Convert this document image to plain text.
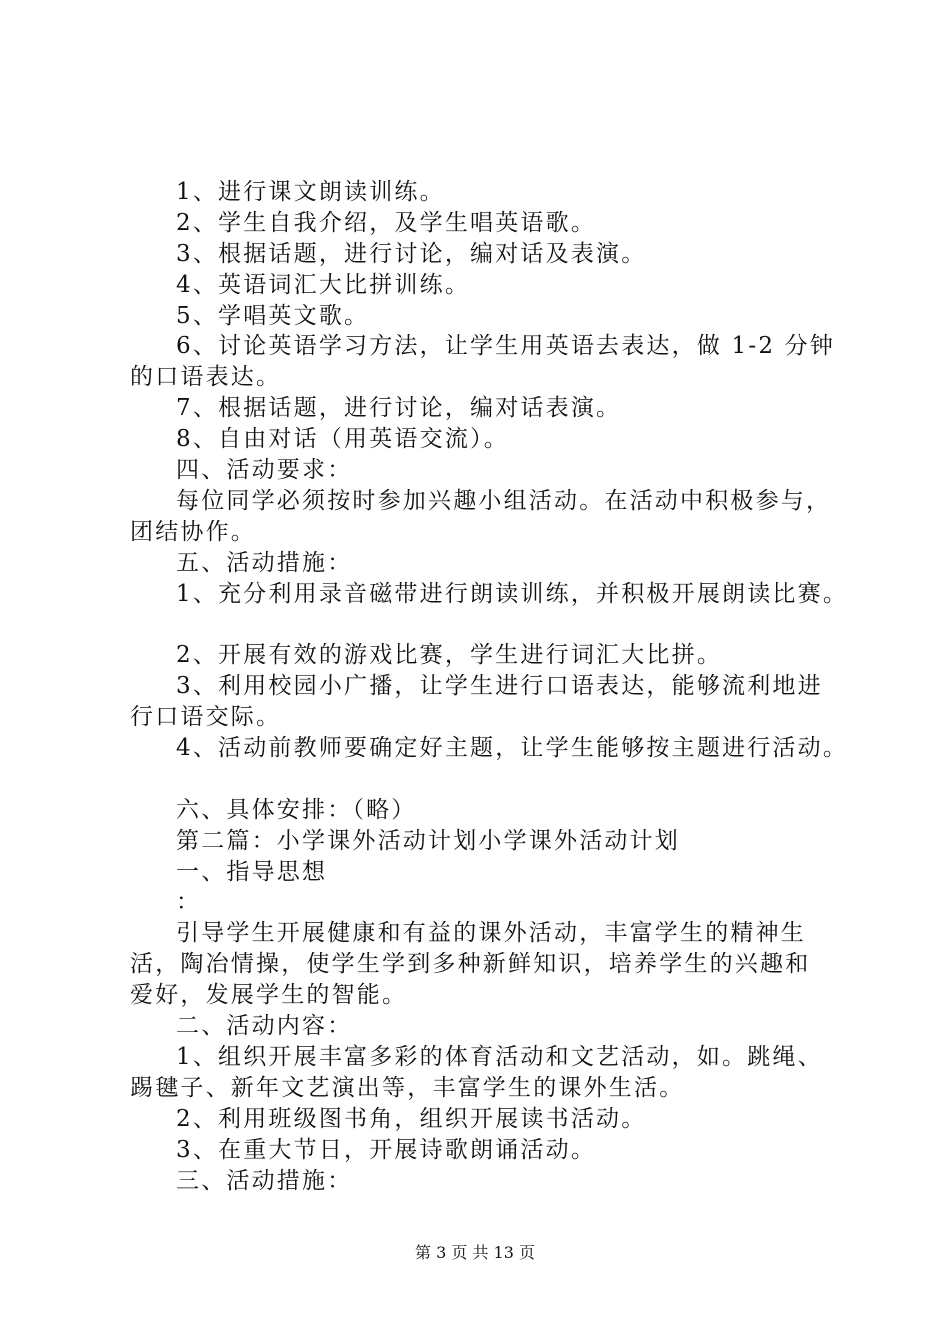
1、进行课文朗读训练。
2、学生自我介绍，及学生唱英语歌。
3、根据话题，进行讨论，编对话及表演。
4、英语词汇大比拼训练。
5、学唱英文歌。
6、讨论英语学习方法，让学生用英语去表达，做 1-2 分钟
的口语表达。
7、根据话题，进行讨论，编对话表演。
8、自由对话（用英语交流）。
四、活动要求：
每位同学必须按时参加兴趣小组活动。在活动中积极参与，
团结协作。
五、活动措施：
1、充分利用录音磁带进行朗读训练，并积极开展朗读比赛。
2、开展有效的游戏比赛，学生进行词汇大比拼。
3、利用校园小广播，让学生进行口语表达，能够流利地进
行口语交际。
4、活动前教师要确定好主题，让学生能够按主题进行活动。
六、具体安排：（略）
第二篇：小学课外活动计划小学课外活动计划
一、指导思想
：
引导学生开展健康和有益的课外活动，丰富学生的精神生
活，陶冶情操，使学生学到多种新鲜知识，培养学生的兴趣和
爱好，发展学生的智能。
二、活动内容：
1、组织开展丰富多彩的体育活动和文艺活动，如。跳绳、
踢毽子、新年文艺演出等，丰富学生的课外生活。
2、利用班级图书角，组织开展读书活动。
3、在重大节日，开展诗歌朗诵活动。
三、活动措施：
第 3 页 共 13 页
